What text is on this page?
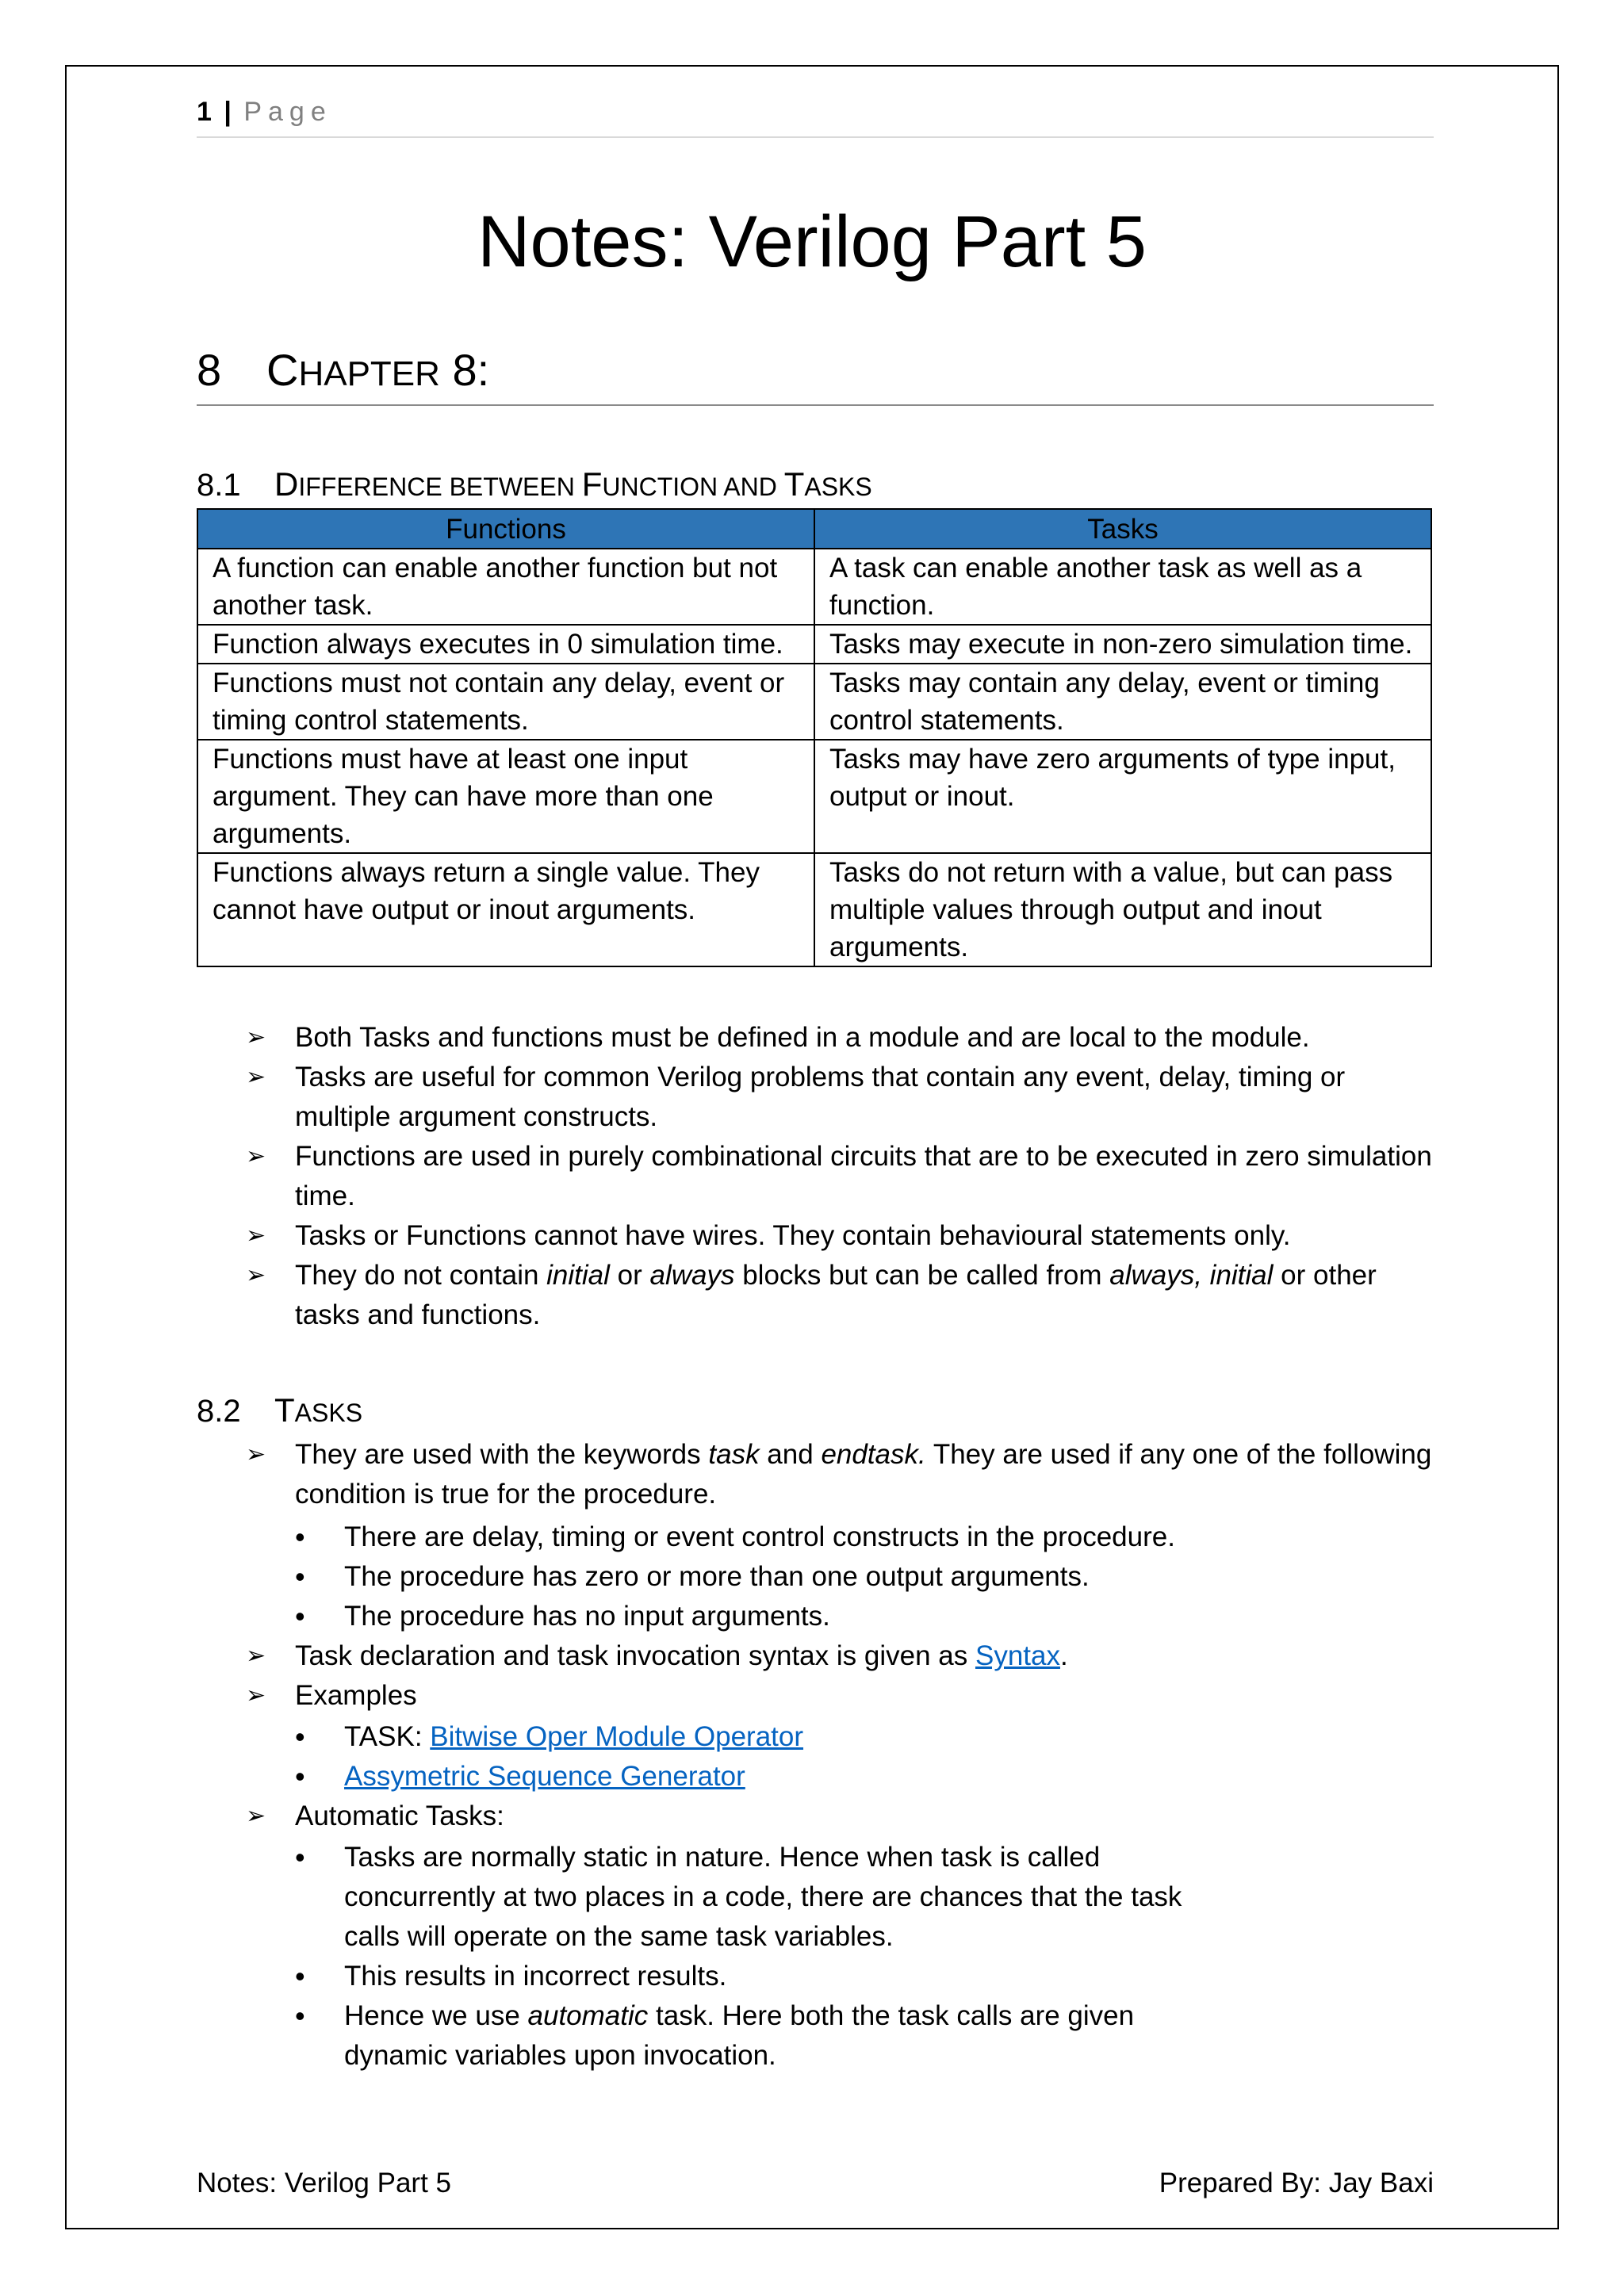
1 | Page
Notes: Verilog Part 5
8 CHAPTER 8:
8.1 DIFFERENCE BETWEEN FUNCTION AND TASKS
Functions	Tasks
A function can enable another function but not another task.	A task can enable another task as well as a function.
Function always executes in 0 simulation time.	Tasks may execute in non-zero simulation time.
Functions must not contain any delay, event or timing control statements.	Tasks may contain any delay, event or timing control statements.
Functions must have at least one input argument. They can have more than one arguments.	Tasks may have zero arguments of type input, output or inout.
Functions always return a single value. They cannot have output or inout arguments.	Tasks do not return with a value, but can pass multiple values through output and inout arguments.
➢ Both Tasks and functions must be defined in a module and are local to the module.
➢ Tasks are useful for common Verilog problems that contain any event, delay, timing or multiple argument constructs.
➢ Functions are used in purely combinational circuits that are to be executed in zero simulation time.
➢ Tasks or Functions cannot have wires. They contain behavioural statements only.
➢ They do not contain initial or always blocks but can be called from always, initial or other tasks and functions.
8.2 TASKS
➢ They are used with the keywords task and endtask. They are used if any one of the following condition is true for the procedure.
• There are delay, timing or event control constructs in the procedure.
• The procedure has zero or more than one output arguments.
• The procedure has no input arguments.
➢ Task declaration and task invocation syntax is given as Syntax.
➢ Examples
• TASK: Bitwise Oper Module Operator
• Assymetric Sequence Generator
➢ Automatic Tasks:
• Tasks are normally static in nature. Hence when task is called concurrently at two places in a code, there are chances that the task calls will operate on the same task variables.
• This results in incorrect results.
• Hence we use automatic task. Here both the task calls are given dynamic variables upon invocation.
Notes: Verilog Part 5	Prepared By: Jay Baxi
